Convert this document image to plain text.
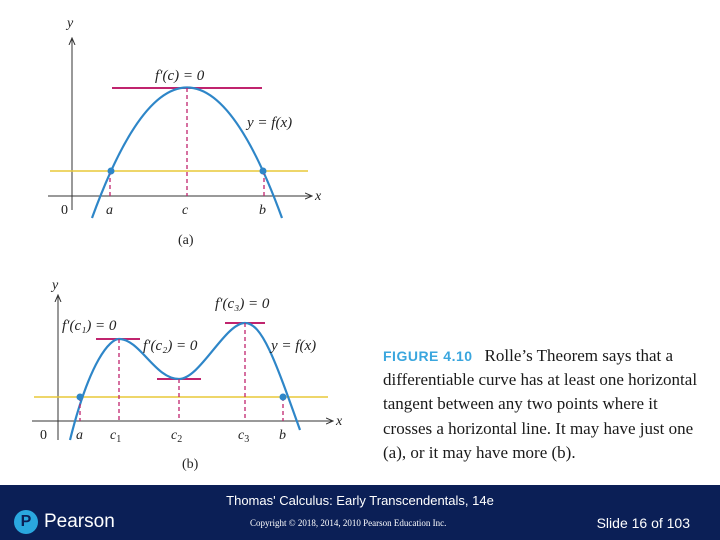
y
x
0	a	c	b
f′(c) = 0
y = f(x)
(a)
y
x
0 a $c_1$	$c_2$	$c_3$ b
f′(c₁) = 0
f′(c₂) = 0
f′(c₃) = 0
y = f(x)
(b)
FIGURE 4.10 Rolle’s Theorem says that a differentiable curve has at least one horizontal tangent between any two points where it crosses a horizontal line. It may have just one (a), or it may have more (b).
P Pearson
Thomas' Calculus: Early Transcendentals, 14e
Copyright © 2018, 2014, 2010 Pearson Education Inc.	Slide 16 of 103
